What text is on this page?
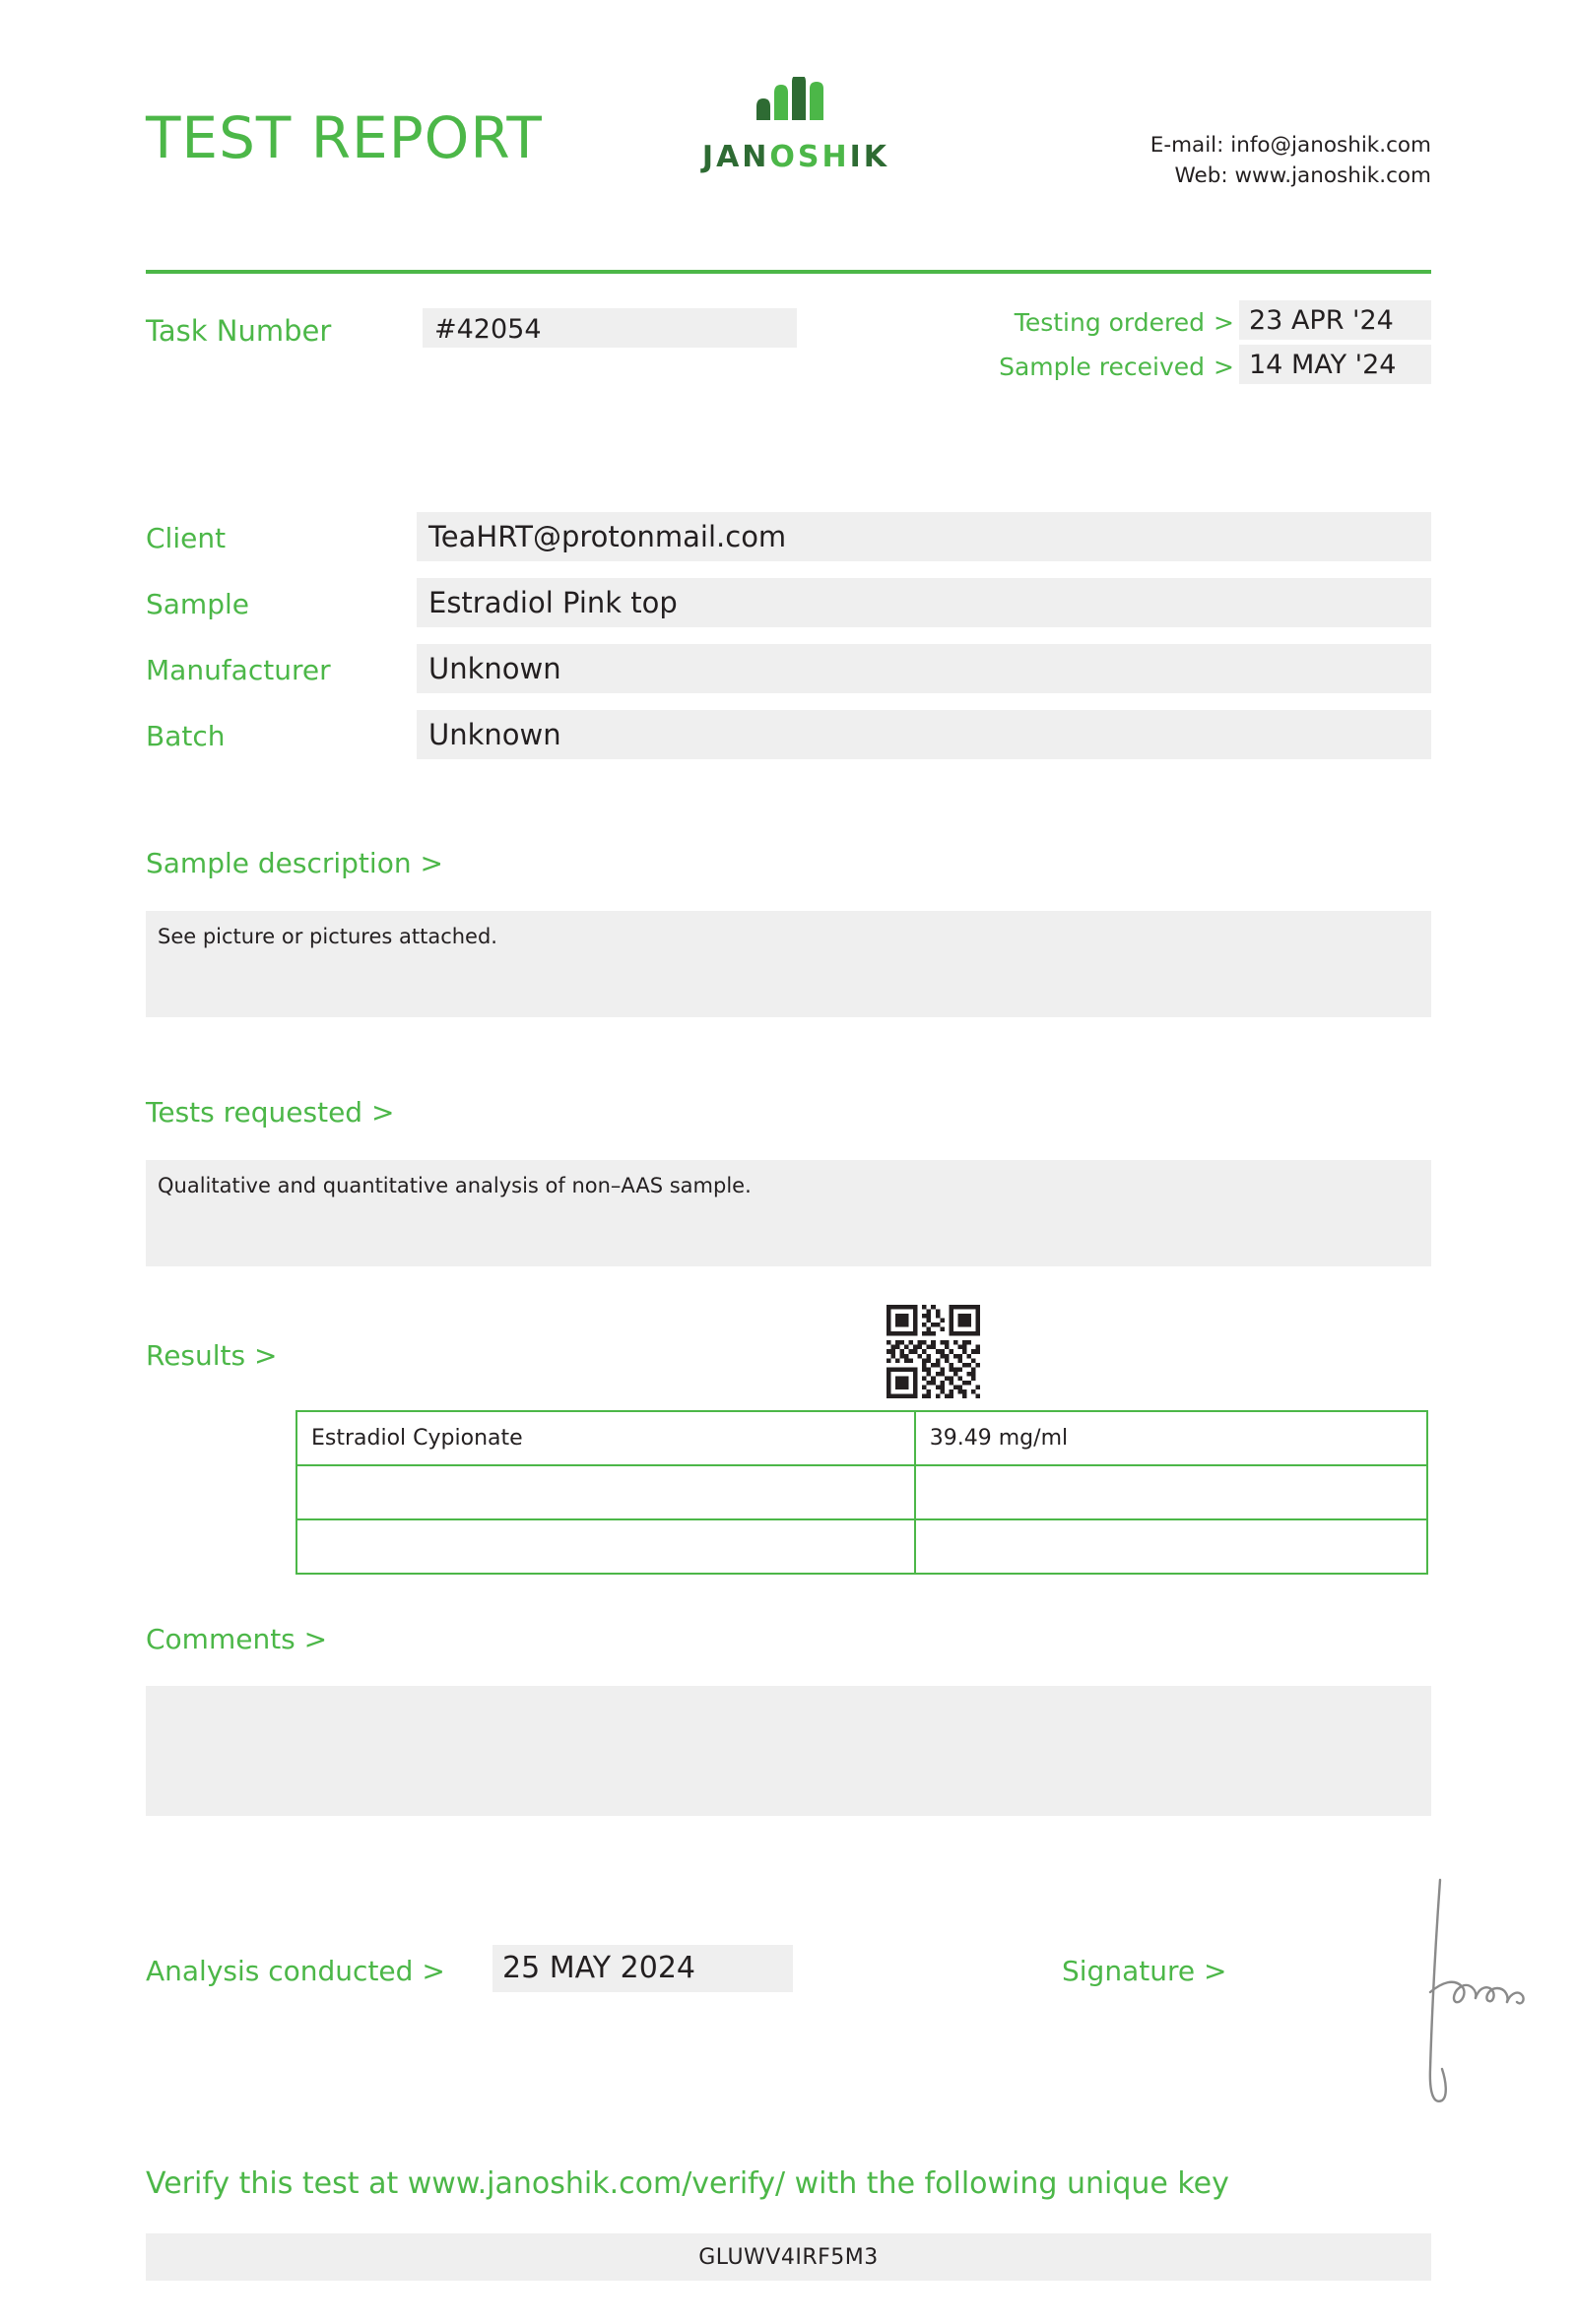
TEST REPORT	JANOSHIK	E-mail: info@janoshik.com
Web: www.janoshik.com
Task Number	#42054	Testing ordered > 23 APR '24
Sample received > 14 MAY '24
Client	TeaHRT@protonmail.com
Sample	Estradiol Pink top
Manufacturer	Unknown
Batch	Unknown
Sample description >
See picture or pictures attached.
Tests requested >
Qualitative and quantitative analysis of non–AAS sample.
Results >
Estradiol Cypionate	39.49 mg/ml

Comments >
Analysis conducted >	25 MAY 2024	Signature >
Verify this test at www.janoshik.com/verify/ with the following unique key
GLUWV4IRF5M3
